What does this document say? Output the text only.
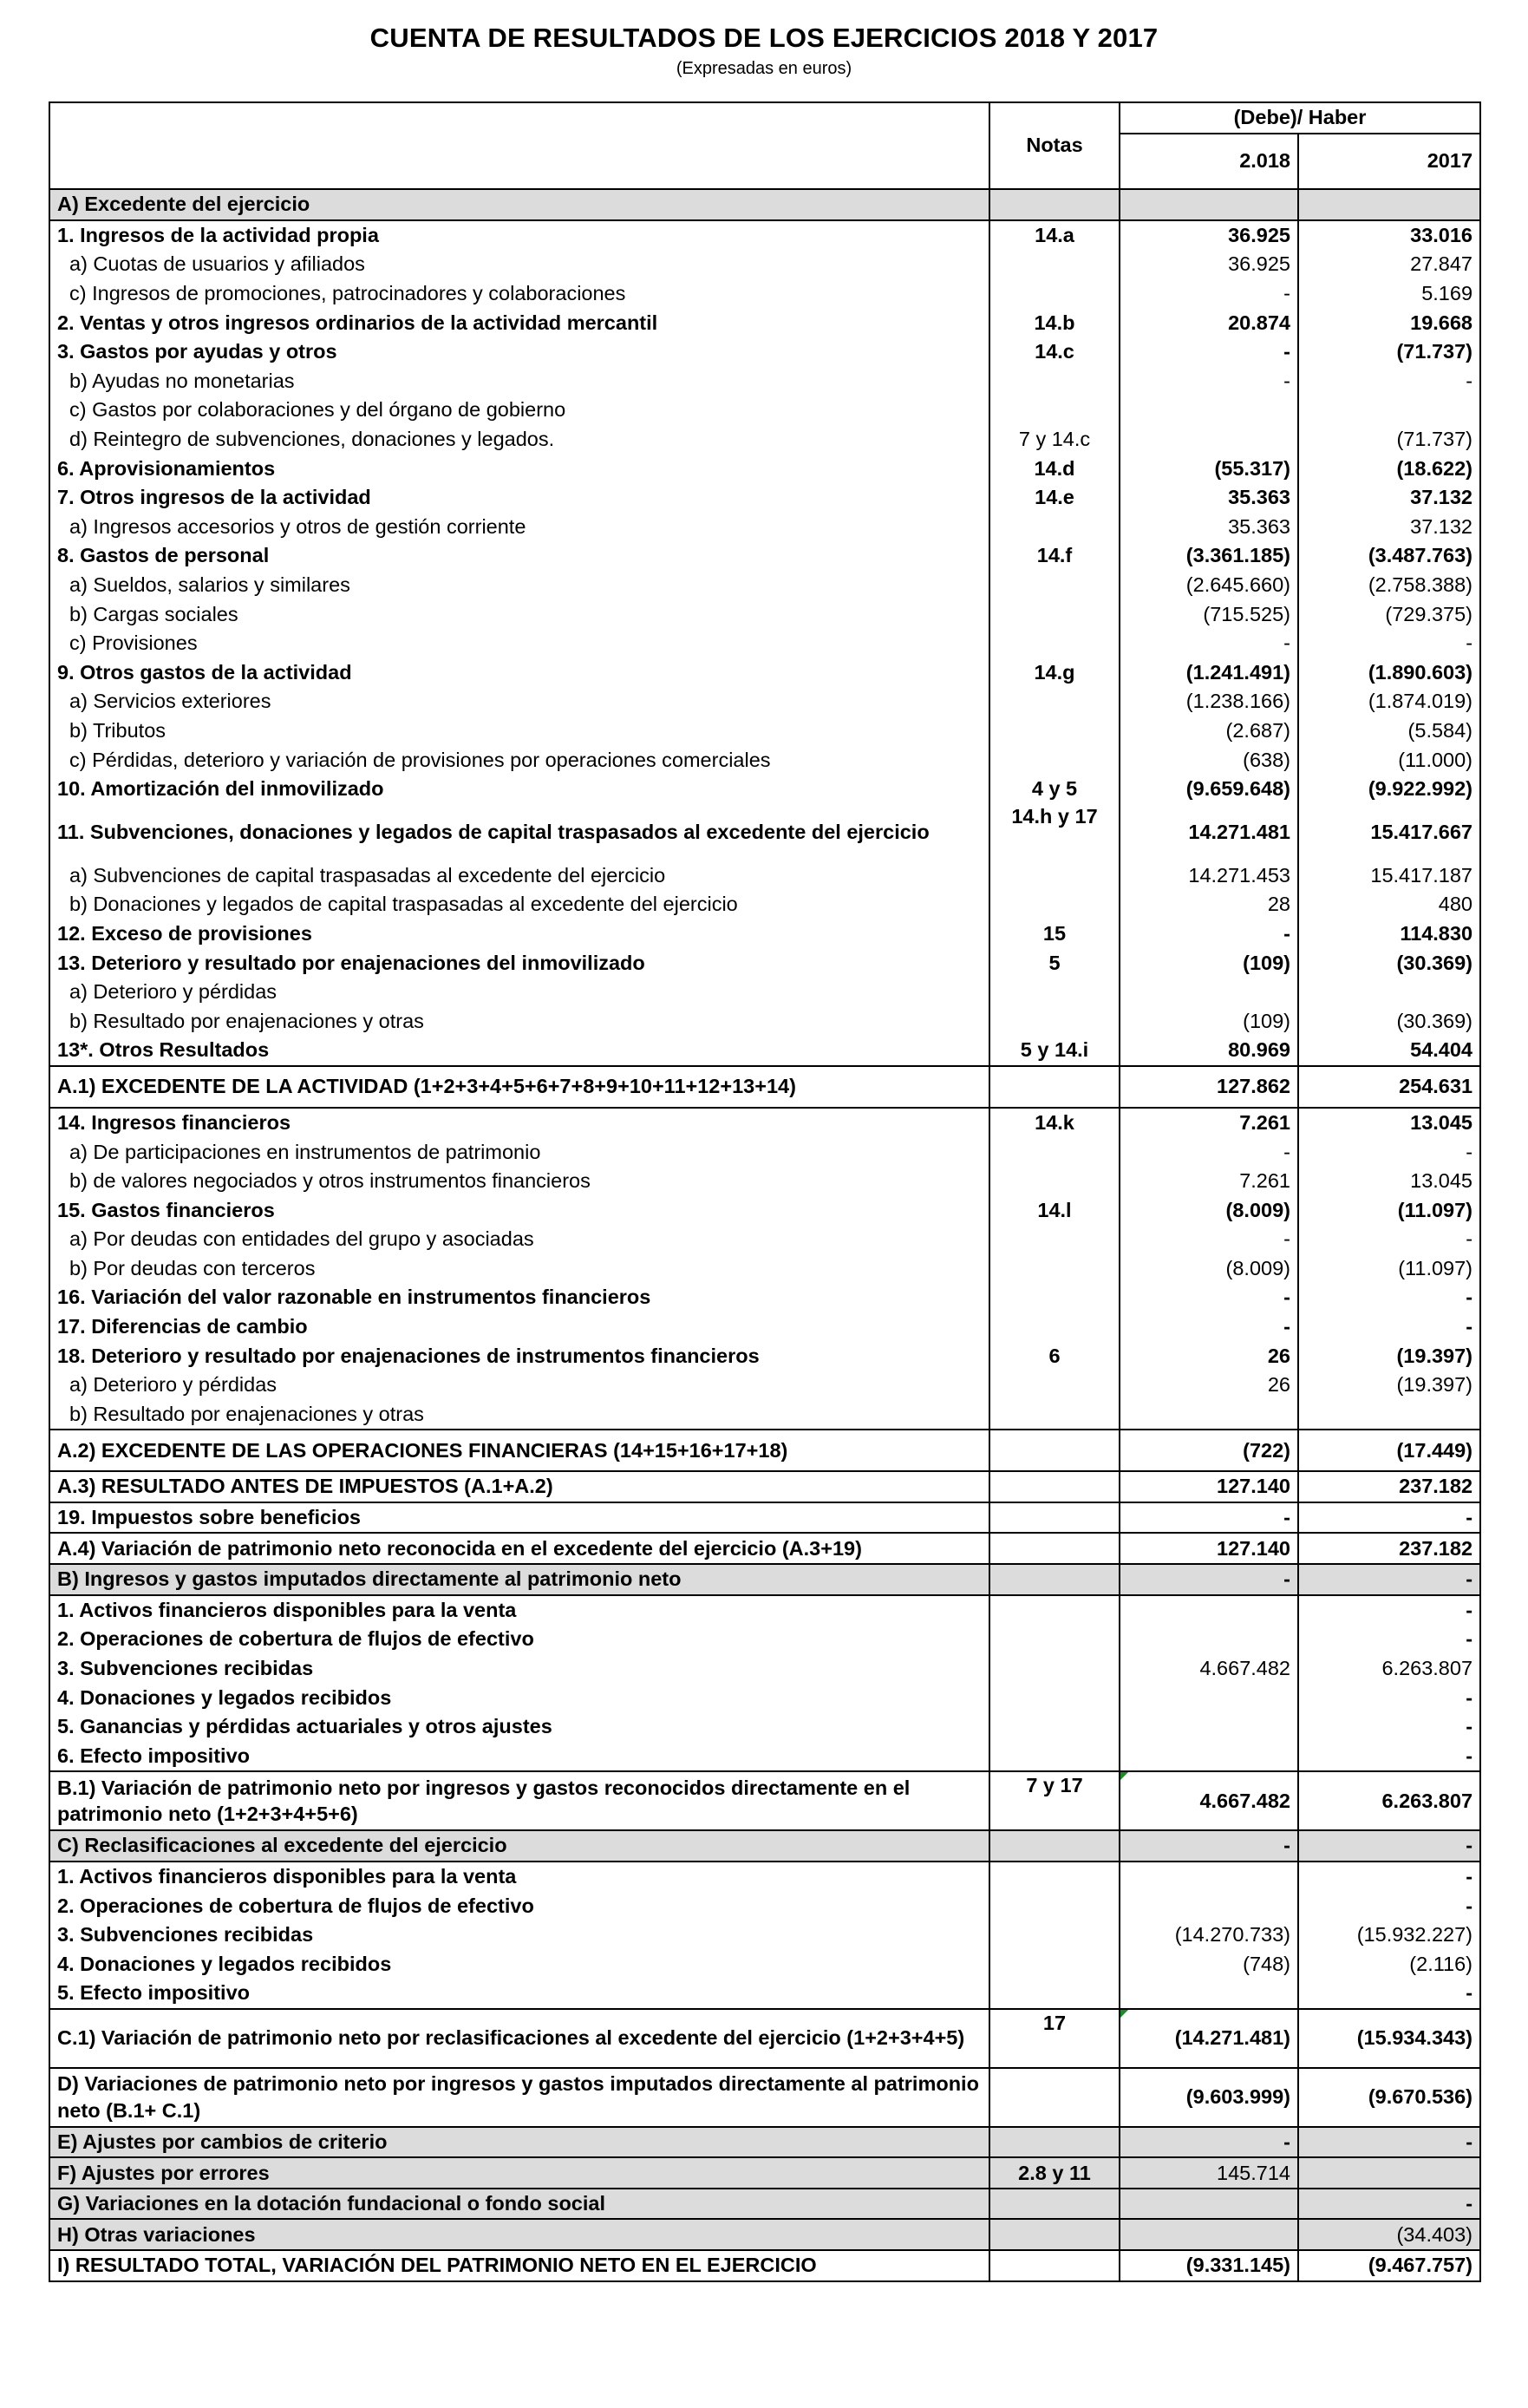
CUENTA DE RESULTADOS DE LOS EJERCICIOS 2018 Y 2017
(Expresadas en euros)
	Notas	(Debe)/ Haber	
		2.018	2017
A) Excedente del ejercicio			
1. Ingresos de la actividad propia	14.a	36.925	33.016
a) Cuotas de usuarios y afiliados		36.925	27.847
c) Ingresos de promociones, patrocinadores y colaboraciones		-	5.169
2. Ventas y otros ingresos ordinarios de la actividad mercantil	14.b	20.874	19.668
3. Gastos por ayudas y otros	14.c	-	(71.737)
b) Ayudas no monetarias		-	-
c) Gastos por colaboraciones y del órgano de gobierno			
d) Reintegro de subvenciones, donaciones y legados.	7 y 14.c		(71.737)
6. Aprovisionamientos	14.d	(55.317)	(18.622)
7. Otros ingresos de la actividad	14.e	35.363	37.132
a) Ingresos accesorios y otros de gestión corriente		35.363	37.132
8. Gastos de personal	14.f	(3.361.185)	(3.487.763)
a) Sueldos, salarios y similares		(2.645.660)	(2.758.388)
b) Cargas sociales		(715.525)	(729.375)
c) Provisiones		-	-
9. Otros gastos de la actividad	14.g	(1.241.491)	(1.890.603)
a) Servicios exteriores		(1.238.166)	(1.874.019)
b) Tributos		(2.687)	(5.584)
c) Pérdidas, deterioro y variación de provisiones por operaciones comerciales		(638)	(11.000)
10. Amortización del inmovilizado	4 y 5	(9.659.648)	(9.922.992)
11. Subvenciones, donaciones y legados de capital traspasados al excedente del ejercicio	14.h y 17	14.271.481	15.417.667
a) Subvenciones de capital traspasadas al excedente del ejercicio		14.271.453	15.417.187
b) Donaciones y legados de capital traspasadas al excedente del ejercicio		28	480
12. Exceso de provisiones	15	-	114.830
13. Deterioro y resultado por enajenaciones del inmovilizado	5	(109)	(30.369)
a) Deterioro y pérdidas			
b) Resultado por enajenaciones y otras		(109)	(30.369)
13*. Otros Resultados	5 y 14.i	80.969	54.404
A.1) EXCEDENTE DE LA ACTIVIDAD (1+2+3+4+5+6+7+8+9+10+11+12+13+14)		127.862	254.631
14. Ingresos financieros	14.k	7.261	13.045
a) De participaciones en instrumentos de patrimonio		-	-
b) de valores negociados y otros instrumentos financieros		7.261	13.045
15. Gastos financieros	14.l	(8.009)	(11.097)
a) Por deudas con entidades del grupo y asociadas		-	-
b) Por deudas con terceros		(8.009)	(11.097)
16. Variación del valor razonable en instrumentos financieros		-	-
17. Diferencias de cambio		-	-
18. Deterioro y resultado por enajenaciones de instrumentos financieros	6	26	(19.397)
a) Deterioro y pérdidas		26	(19.397)
b) Resultado por enajenaciones y otras			
A.2) EXCEDENTE DE LAS OPERACIONES FINANCIERAS (14+15+16+17+18)		(722)	(17.449)
A.3) RESULTADO ANTES DE IMPUESTOS (A.1+A.2)		127.140	237.182
19. Impuestos sobre beneficios		-	-
A.4) Variación de patrimonio neto reconocida en el excedente del ejercicio (A.3+19)		127.140	237.182
B) Ingresos y gastos imputados directamente al patrimonio neto		-	-
1. Activos financieros disponibles para la venta			-
2. Operaciones de cobertura de flujos de efectivo			-
3. Subvenciones recibidas		4.667.482	6.263.807
4. Donaciones y legados recibidos			-
5. Ganancias y pérdidas actuariales y otros ajustes			-
6. Efecto impositivo			-
B.1) Variación de patrimonio neto por ingresos y gastos reconocidos directamente en el patrimonio neto (1+2+3+4+5+6)	7 y 17	4.667.482	6.263.807
C) Reclasificaciones al excedente del ejercicio		-	-
1. Activos financieros disponibles para la venta			-
2. Operaciones de cobertura de flujos de efectivo			-
3. Subvenciones recibidas		(14.270.733)	(15.932.227)
4. Donaciones y legados recibidos		(748)	(2.116)
5. Efecto impositivo			-
C.1) Variación de patrimonio neto por reclasificaciones al excedente del ejercicio (1+2+3+4+5)	17	(14.271.481)	(15.934.343)
D) Variaciones de patrimonio neto por ingresos y gastos imputados directamente al patrimonio neto (B.1+ C.1)		(9.603.999)	(9.670.536)
E) Ajustes por cambios de criterio		-	-
F) Ajustes por errores	2.8 y 11	145.714	
G) Variaciones en la dotación fundacional o fondo social			-
H) Otras variaciones			(34.403)
I) RESULTADO TOTAL, VARIACIÓN DEL PATRIMONIO NETO EN EL EJERCICIO		(9.331.145)	(9.467.757)
